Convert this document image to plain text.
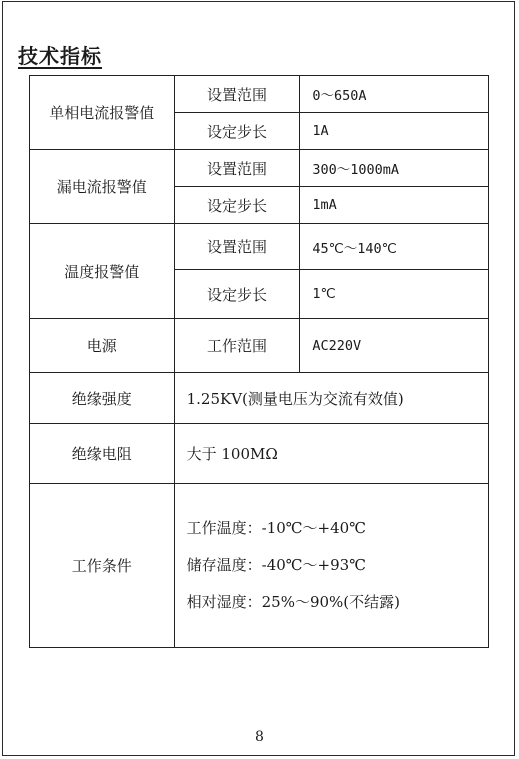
技术指标
单相电流报警值	设置范围	0～650A
	设定步长	1A
漏电流报警值	设置范围	300～1000mA
	设定步长	1mA
温度报警值	设置范围	45℃～140℃
	设定步长	1℃
电源	工作范围	AC220V
绝缘强度	1.25KV(测量电压为交流有效值)	
绝缘电阻	大于 100MΩ	
工作条件	工作温度：-10℃～+40℃
储存温度：-40℃～+93℃
相对湿度：25%～90%(不结露)	
8
